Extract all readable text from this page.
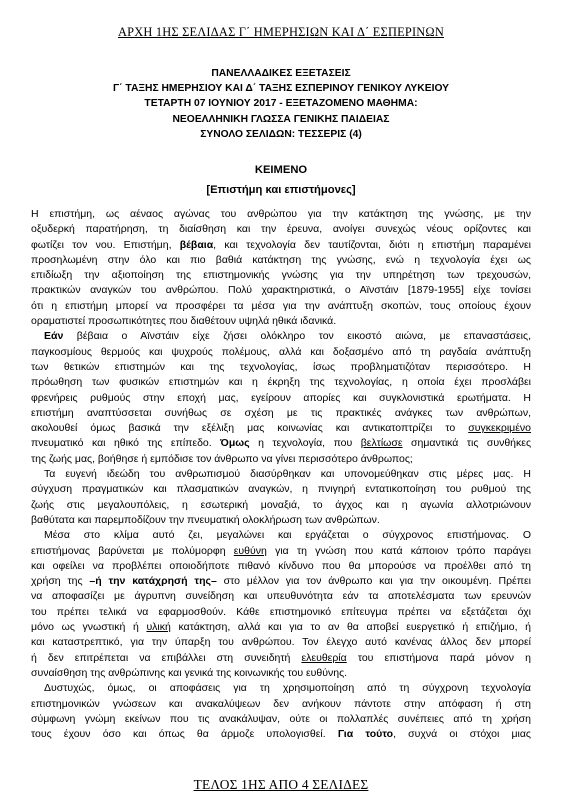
ΑΡΧΗ 1ΗΣ ΣΕΛΙΔΑΣ Γ΄ ΗΜΕΡΗΣΙΩΝ ΚΑΙ Δ΄ ΕΣΠΕΡΙΝΩΝ
ΠΑΝΕΛΛΑΔΙΚΕΣ ΕΞΕΤΑΣΕΙΣ
Γ΄ ΤΑΞΗΣ ΗΜΕΡΗΣΙΟΥ ΚΑΙ Δ΄ ΤΑΞΗΣ ΕΣΠΕΡΙΝΟΥ ΓΕΝΙΚΟΥ ΛΥΚΕΙΟΥ
ΤΕΤΑΡΤΗ 07 ΙΟΥΝΙΟΥ 2017 - ΕΞΕΤΑΖΟΜΕΝΟ ΜΑΘΗΜΑ:
ΝΕΟΕΛΛΗΝΙΚΗ ΓΛΩΣΣΑ ΓΕΝΙΚΗΣ ΠΑΙΔΕΙΑΣ
ΣΥΝΟΛΟ ΣΕΛΙΔΩΝ: ΤΕΣΣΕΡΙΣ (4)
ΚΕΙΜΕΝΟ
[Επιστήμη και επιστήμονες]
Η επιστήμη, ως αέναος αγώνας του ανθρώπου για την κατάκτηση της γνώσης, με την
οξυδερκή παρατήρηση, τη διαίσθηση και την έρευνα, ανοίγει συνεχώς νέους ορίζοντες και
φωτίζει τον νου. Επιστήμη, βέβαια, και τεχνολογία δεν ταυτίζονται, διότι η επιστήμη παραμένει
προσηλωμένη στην όλο και πιο βαθιά κατάκτηση της γνώσης, ενώ η τεχνολογία έχει ως
επιδίωξη την αξιοποίηση της επιστημονικής γνώσης για την υπηρέτηση των τρεχουσών,
πρακτικών αναγκών του ανθρώπου. Πολύ χαρακτηριστικά, ο Αϊνστάιν [1879-1955] είχε τονίσει
ότι η επιστήμη μπορεί να προσφέρει τα μέσα για την ανάπτυξη σκοπών, τους οποίους έχουν
οραματιστεί προσωπικότητες που διαθέτουν υψηλά ηθικά ιδανικά.
Εάν βέβαια ο Αϊνστάιν είχε ζήσει ολόκληρο τον εικοστό αιώνα, με επαναστάσεις,
παγκοσμίους θερμούς και ψυχρούς πολέμους, αλλά και δοξασμένο από τη ραγδαία ανάπτυξη
των θετικών επιστημών και της τεχνολογίας, ίσως προβληματιζόταν περισσότερο. Η
πρόωθηση των φυσικών επιστημών και η έκρηξη της τεχνολογίας, η οποία έχει προσλάβει
φρενήρεις ρυθμούς στην εποχή μας, εγείρουν απορίες και συγκλονιστικά ερωτήματα. Η
επιστήμη αναπτύσσεται συνήθως σε σχέση με τις πρακτικές ανάγκες των ανθρώπων,
ακολουθεί όμως βασικά την εξέλιξη μας κοινωνίας και αντικατοπτρίζει το συγκεκριμένο
πνευματικό και ηθικό της επίπεδο. Όμως η τεχνολογία, που βελτίωσε σημαντικά τις συνθήκες
της ζωής μας, βοήθησε ή εμπόδισε τον άνθρωπο να γίνει περισσότερο άνθρωπος;
Τα ευγενή ιδεώδη του ανθρωπισμού διασύρθηκαν και υπονομεύθηκαν στις μέρες μας. Η
σύγχυση πραγματικών και πλασματικών αναγκών, η πνιγηρή εντατικοποίηση του ρυθμού της
ζωής στις μεγαλουπόλεις, η εσωτερική μοναξιά, το άγχος και η αγωνία αλλοτριώνουν
βαθύτατα και παρεμποδίζουν την πνευματική ολοκλήρωση των ανθρώπων.
Μέσα στο κλίμα αυτό ζει, μεγαλώνει και εργάζεται ο σύγχρονος επιστήμονας. Ο
επιστήμονας βαρύνεται με πολύμορφη ευθύνη για τη γνώση που κατά κάποιον τρόπο παράγει
και οφείλει να προβλέπει οποιοδήποτε πιθανό κίνδυνο που θα μπορούσε να προέλθει από τη
χρήση της –ή την κατάχρησή της– στο μέλλον για τον άνθρωπο και για την οικουμένη. Πρέπει
να αποφασίζει με άγρυπνη συνείδηση και υπευθυνότητα εάν τα αποτελέσματα των ερευνών
του πρέπει τελικά να εφαρμοσθούν. Κάθε επιστημονικό επίτευγμα πρέπει να εξετάζεται όχι
μόνο ως γνωστική ή υλική κατάκτηση, αλλά και για το αν θα αποβεί ευεργετικό ή επιζήμιο, ή
και καταστρεπτικό, για την ύπαρξη του ανθρώπου. Τον έλεγχο αυτό κανένας άλλος δεν μπορεί
ή δεν επιτρέπεται να επιβάλλει στη συνειδητή ελευθερία του επιστήμονα παρά μόνον η
συναίσθηση της ανθρώπινης και γενικά της κοινωνικής του ευθύνης.
Δυστυχώς, όμως, οι αποφάσεις για τη χρησιμοποίηση από τη σύγχρονη τεχνολογία
επιστημονικών γνώσεων και ανακαλύψεων δεν ανήκουν πάντοτε στην απόφαση ή στη
σύμφωνη γνώμη εκείνων που τις ανακάλυψαν, ούτε οι πολλαπλές συνέπειες από τη χρήση
τους έχουν όσο και όπως θα άρμοζε υπολογισθεί. Για τούτο, συχνά οι στόχοι μιας
ΤΕΛΟΣ 1ΗΣ ΑΠΟ 4 ΣΕΛΙΔΕΣ
